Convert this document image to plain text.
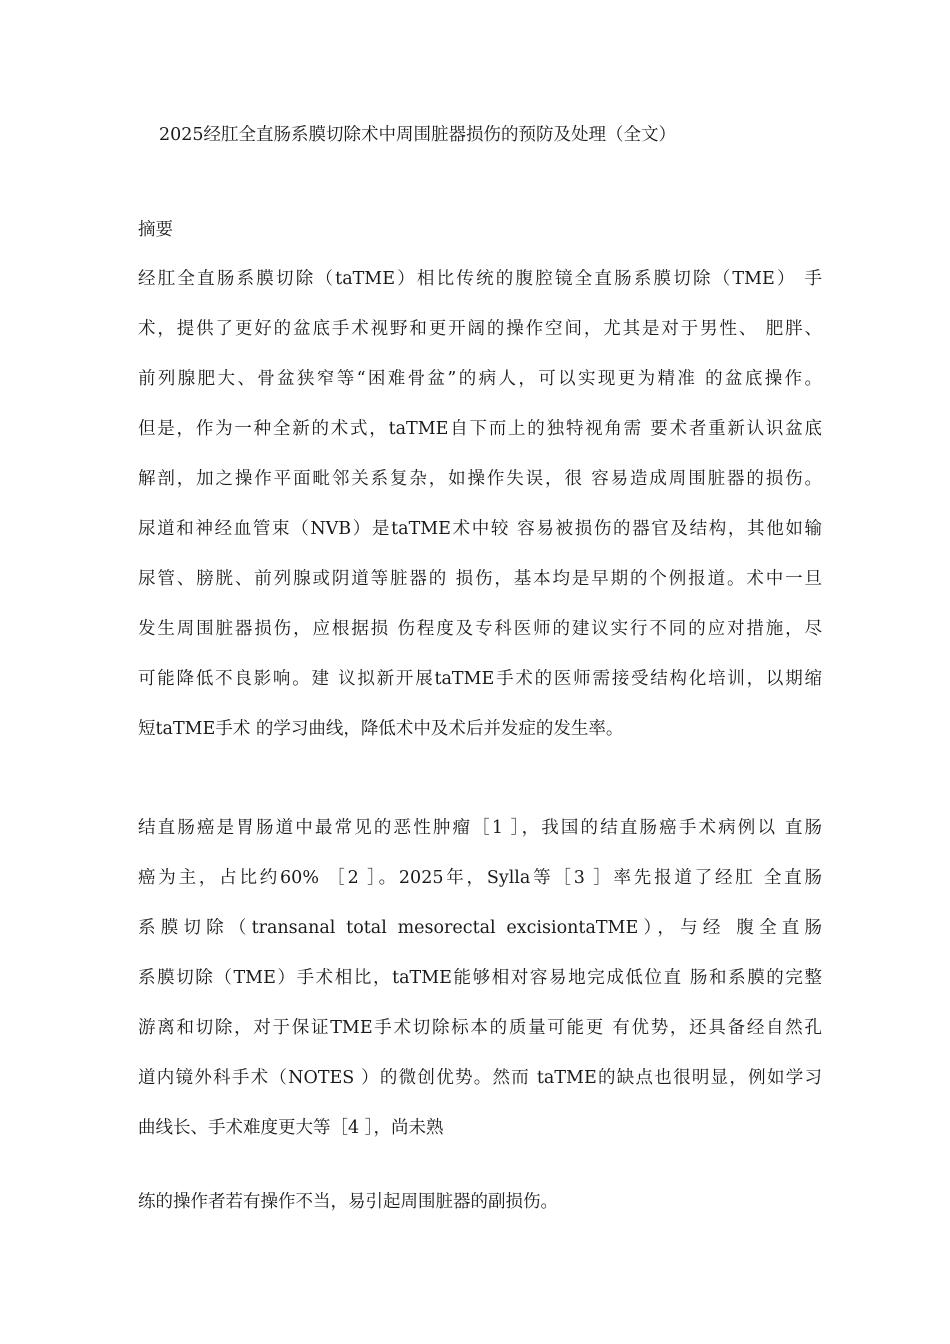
2025经肛全直肠系膜切除术中周围脏器损伤的预防及处理（全文）
摘要
经肛全直肠系膜切除（taTME）相比传统的腹腔镜全直肠系膜切除（TME） 手
术，提供了更好的盆底手术视野和更开阔的操作空间，尤其是对于男性、 肥胖、
前列腺肥大、骨盆狭窄等“困难骨盆”的病人，可以实现更为精准 的盆底操作。
但是，作为一种全新的术式，taTME自下而上的独特视角需 要术者重新认识盆底
解剖，加之操作平面毗邻关系复杂，如操作失误，很 容易造成周围脏器的损伤。
尿道和神经血管束（NVB）是taTME术中较 容易被损伤的器官及结构，其他如输
尿管、膀胱、前列腺或阴道等脏器的 损伤，基本均是早期的个例报道。术中一旦
发生周围脏器损伤，应根据损 伤程度及专科医师的建议实行不同的应对措施，尽
可能降低不良影响。建 议拟新开展taTME手术的医师需接受结构化培训，以期缩
短taTME手术 的学习曲线，降低术中及术后并发症的发生率。
结直肠癌是胃肠道中最常见的恶性肿瘤［1 ］，我国的结直肠癌手术病例以 直肠
癌为主，占比约60% ［2 ］。2025年，Sylla等［3 ］率先报道了经肛 全直肠
系膜切除（transanal total mesorectal excisiontaTME），与经 腹全直肠
系膜切除（TME）手术相比，taTME能够相对容易地完成低位直 肠和系膜的完整
游离和切除，对于保证TME手术切除标本的质量可能更 有优势，还具备经自然孔
道内镜外科手术（NOTES ）的微创优势。然而 taTME的缺点也很明显，例如学习
曲线长、手术难度更大等［4 ］，尚未熟
练的操作者若有操作不当，易引起周围脏器的副损伤。
